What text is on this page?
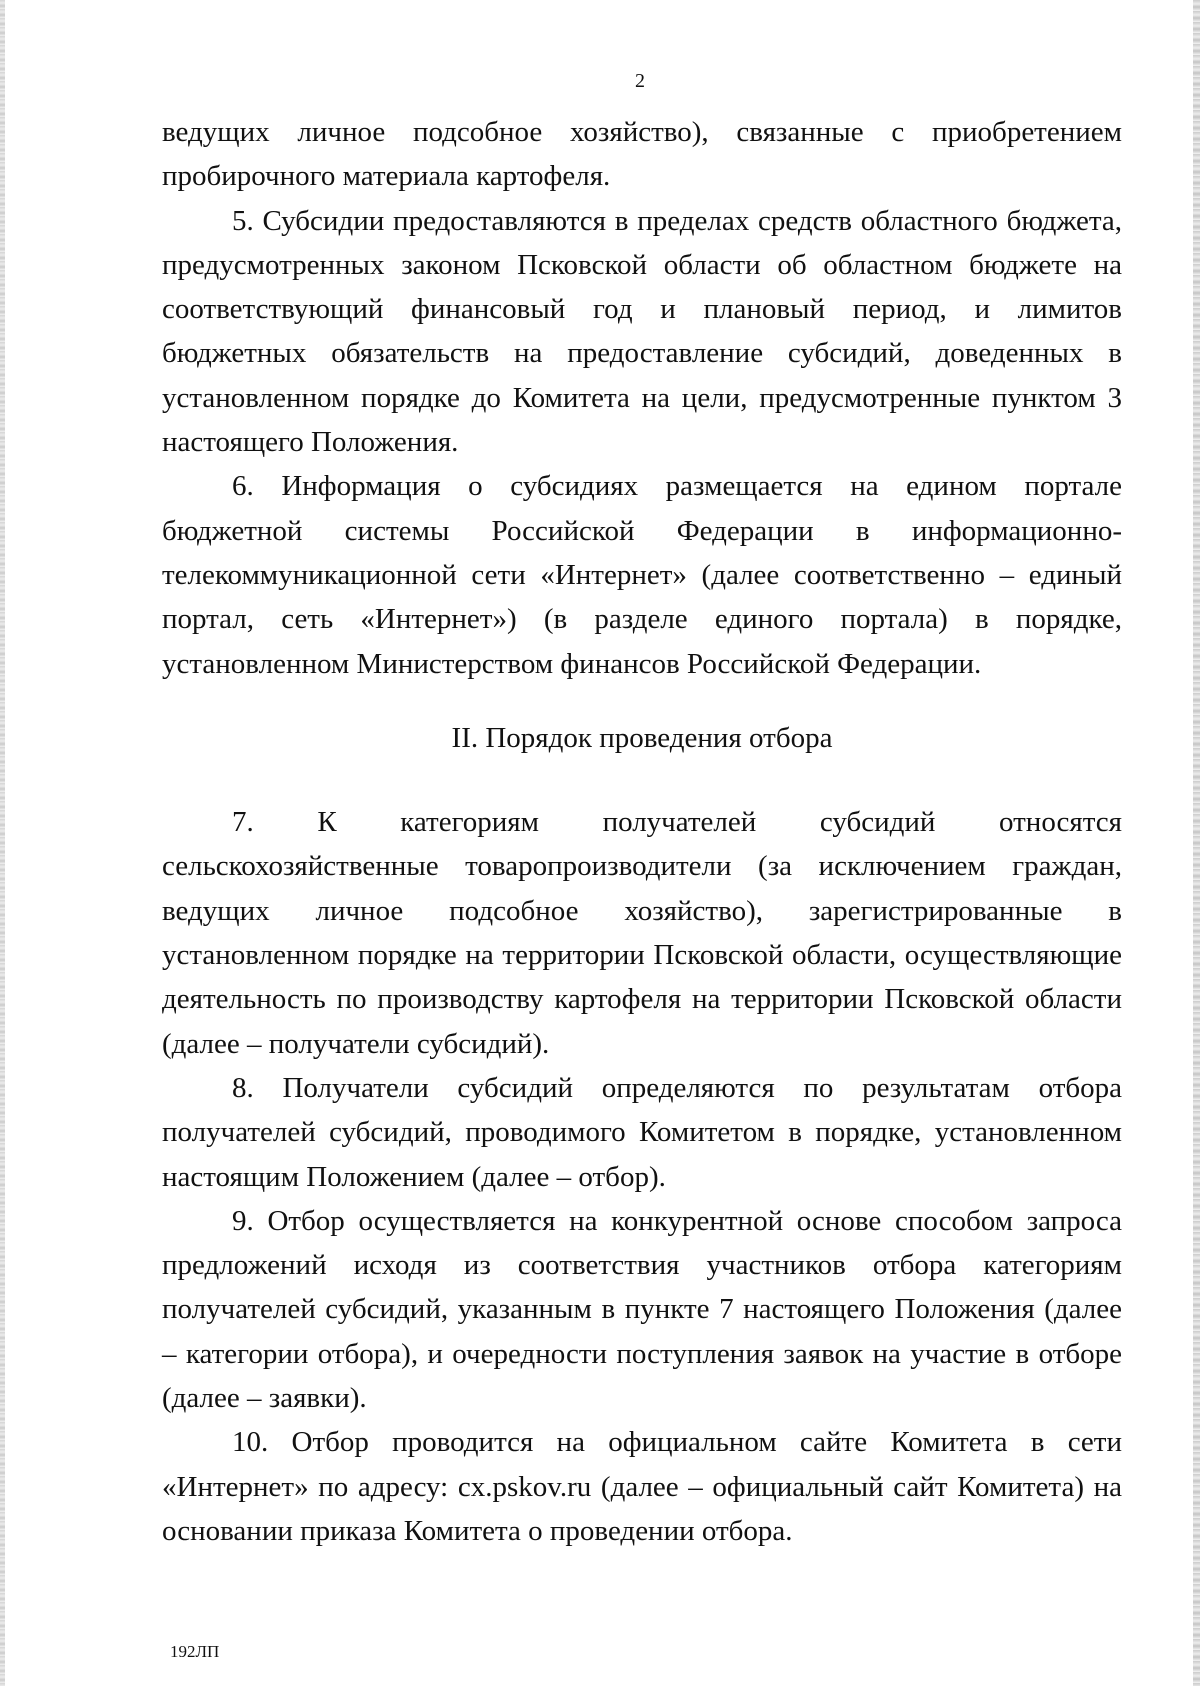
2

ведущих личное подсобное хозяйство), связанные с приобретением пробирочного материала картофеля.

5. Субсидии предоставляются в пределах средств областного бюджета, предусмотренных законом Псковской области об областном бюджете на соответствующий финансовый год и плановый период, и лимитов бюджетных обязательств на предоставление субсидий, доведенных в установленном порядке до Комитета на цели, предусмотренные пунктом 3 настоящего Положения.

6. Информация о субсидиях размещается на едином портале бюджетной системы Российской Федерации в информационно-телекоммуникационной сети «Интернет» (далее соответственно – единый портал, сеть «Интернет») (в разделе единого портала) в порядке, установленном Министерством финансов Российской Федерации.

II. Порядок проведения отбора

7. К категориям получателей субсидий относятся сельскохозяйственные товаропроизводители (за исключением граждан, ведущих личное подсобное хозяйство), зарегистрированные в установленном порядке на территории Псковской области, осуществляющие деятельность по производству картофеля на территории Псковской области (далее – получатели субсидий).

8. Получатели субсидий определяются по результатам отбора получателей субсидий, проводимого Комитетом в порядке, установленном настоящим Положением (далее – отбор).

9. Отбор осуществляется на конкурентной основе способом запроса предложений исходя из соответствия участников отбора категориям получателей субсидий, указанным в пункте 7 настоящего Положения (далее – категории отбора), и очередности поступления заявок на участие в отборе (далее – заявки).

10. Отбор проводится на официальном сайте Комитета в сети «Интернет» по адресу: cx.pskov.ru (далее – официальный сайт Комитета) на основании приказа Комитета о проведении отбора.

192ЛП
